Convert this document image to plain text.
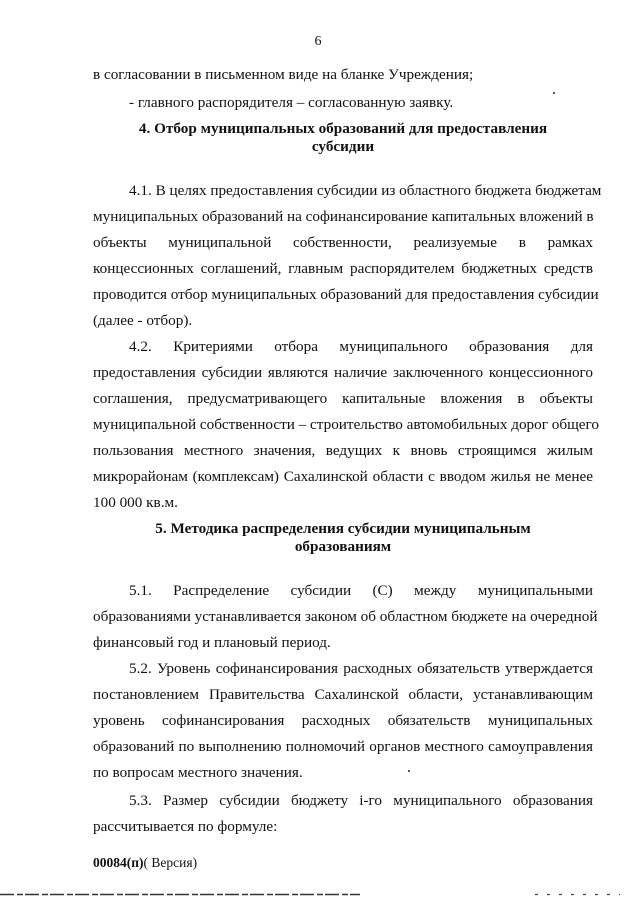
6
в согласовании в письменном виде на бланке Учреждения;
- главного распорядителя – согласованную заявку.
4. Отбор муниципальных образований для предоставления
субсидии
4.1. В целях предоставления субсидии из областного бюджета бюджетам
муниципальных образований на софинансирование капитальных вложений в
объекты муниципальной собственности, реализуемые в рамках
концессионных соглашений, главным распорядителем бюджетных средств
проводится отбор муниципальных образований для предоставления субсидии
(далее - отбор).
4.2. Критериями отбора муниципального образования для
предоставления субсидии являются наличие заключенного концессионного
соглашения, предусматривающего капитальные вложения в объекты
муниципальной собственности – строительство автомобильных дорог общего
пользования местного значения, ведущих к вновь строящимся жилым
микрорайонам (комплексам) Сахалинской области с вводом жилья не менее
100 000 кв.м.
5. Методика распределения субсидии муниципальным
образованиям
5.1. Распределение субсидии (С) между муниципальными
образованиями устанавливается законом об областном бюджете на очередной
финансовый год и плановый период.
5.2. Уровень софинансирования расходных обязательств утверждается
постановлением Правительства Сахалинской области, устанавливающим
уровень софинансирования расходных обязательств муниципальных
образований по выполнению полномочий органов местного самоуправления
по вопросам местного значения.
5.3. Размер субсидии бюджету i-го муниципального образования
рассчитывается по формуле:
00084(п)( Версия)
